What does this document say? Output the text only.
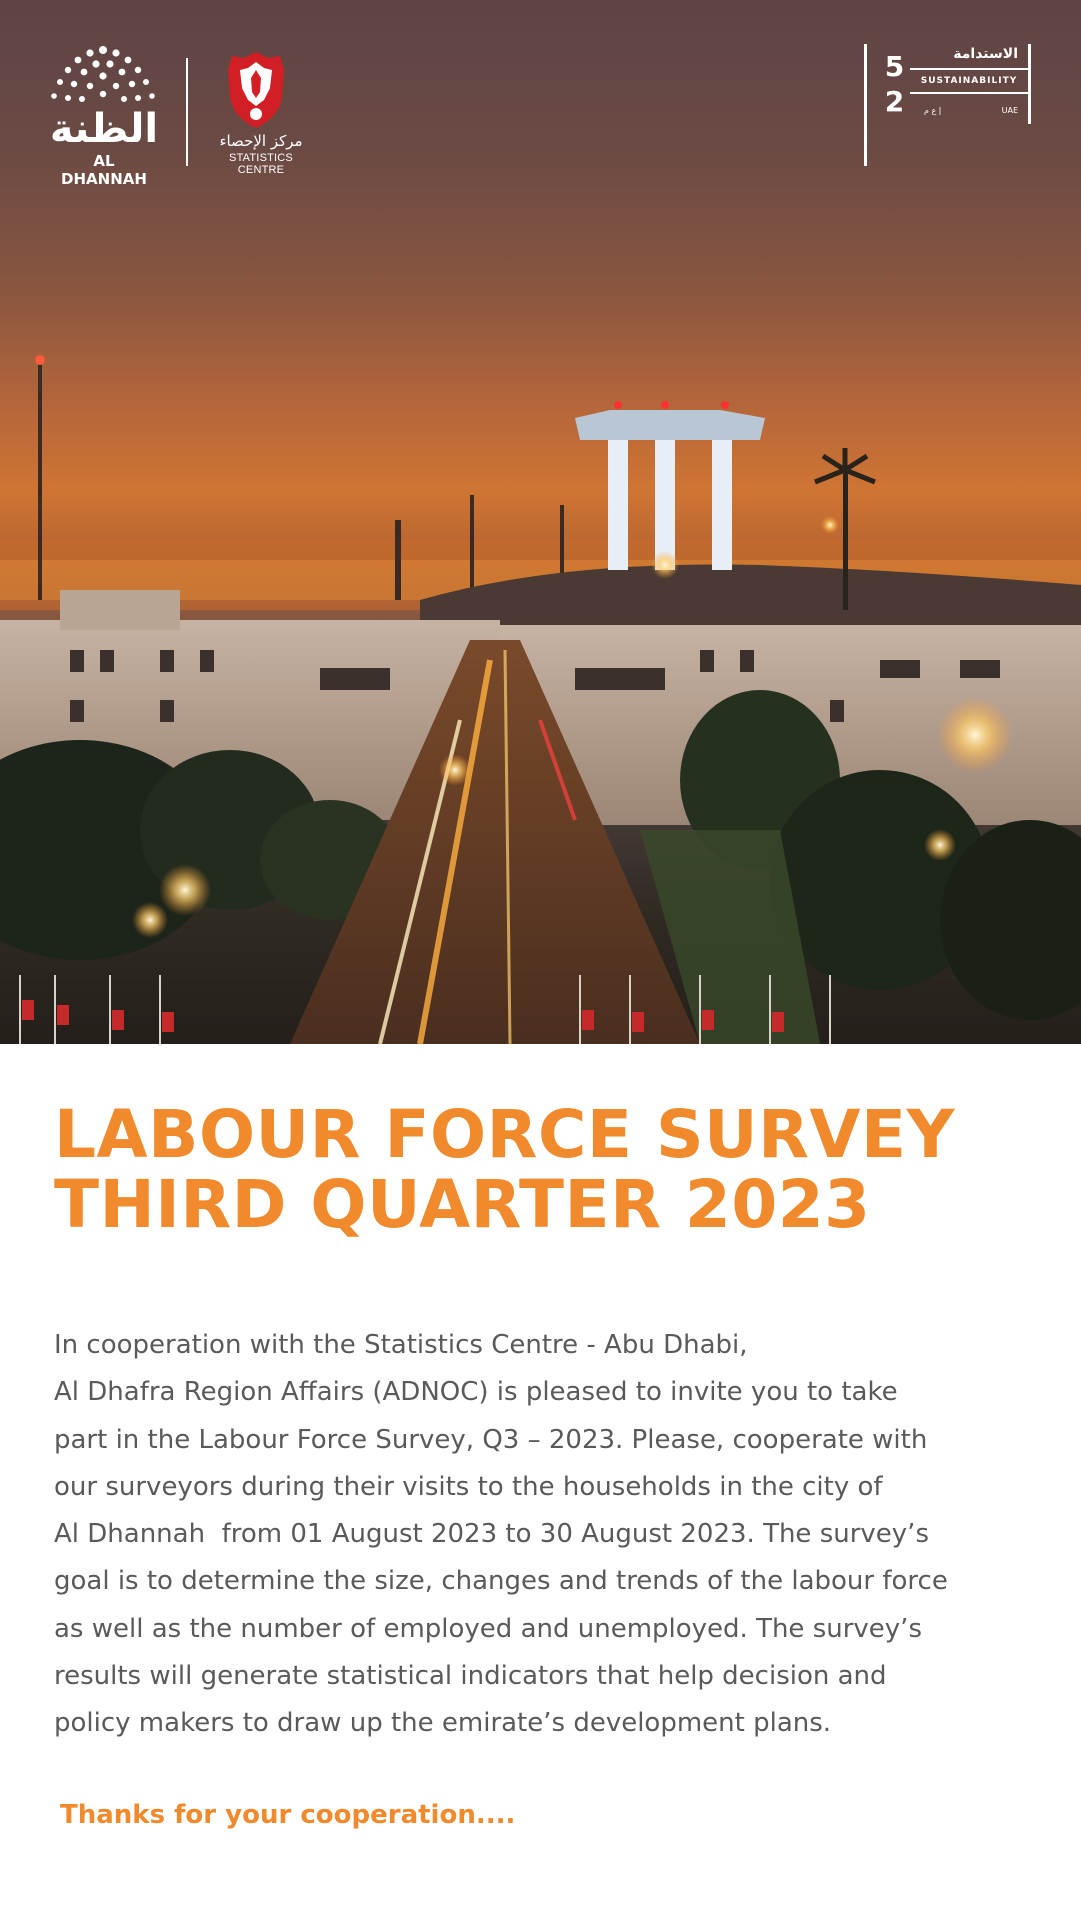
الظنة
AL DHANNAH
مركز الإحصاء
STATISTICS CENTRE
52	الاستدامة
SUSTAINABILITY
إ ع م	UAE
LABOUR FORCE SURVEY
THIRD QUARTER 2023
In cooperation with the Statistics Centre - Abu Dhabi,
Al Dhafra Region Affairs (ADNOC) is pleased to invite you to take
part in the Labour Force Survey, Q3 – 2023. Please, cooperate with
our surveyors during their visits to the households in the city of
Al Dhannah  from 01 August 2023 to 30 August 2023. The survey’s
goal is to determine the size, changes and trends of the labour force
as well as the number of employed and unemployed. The survey’s
results will generate statistical indicators that help decision and
policy makers to draw up the emirate’s development plans.
Thanks for your cooperation....
